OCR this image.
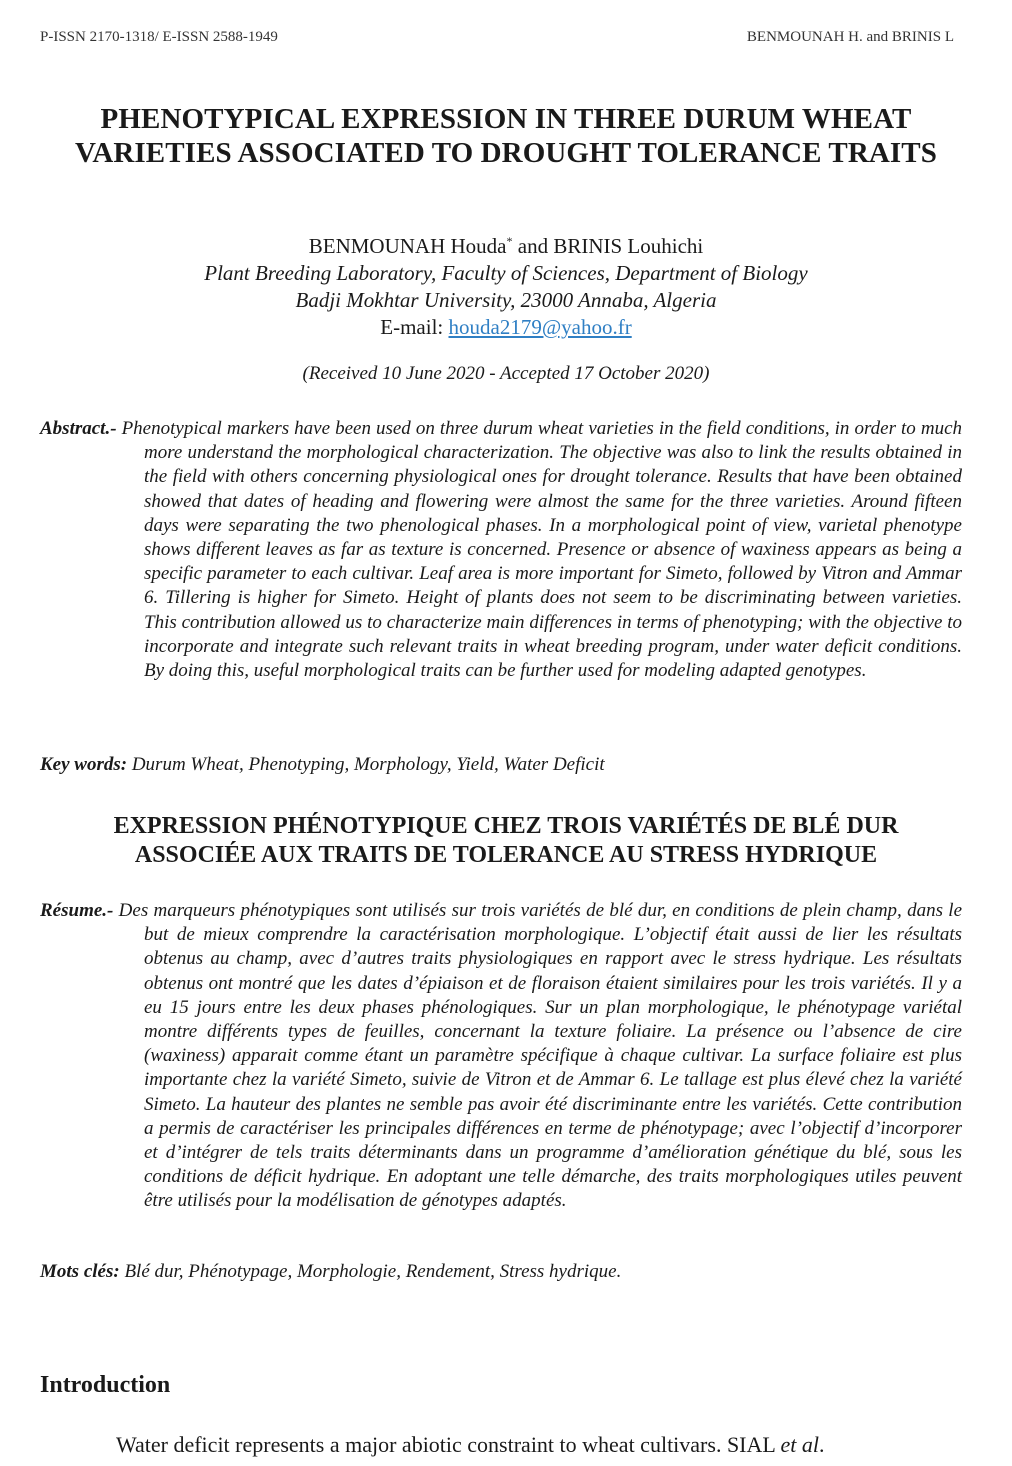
P-ISSN 2170-1318/ E-ISSN 2588-1949	BENMOUNAH H. and BRINIS L
PHENOTYPICAL EXPRESSION IN THREE DURUM WHEAT
VARIETIES ASSOCIATED TO DROUGHT TOLERANCE TRAITS
BENMOUNAH Houda* and BRINIS Louhichi
Plant Breeding Laboratory, Faculty of Sciences, Department of Biology
Badji Mokhtar University, 23000 Annaba, Algeria
E-mail: houda2179@yahoo.fr
(Received 10 June 2020 - Accepted 17 October 2020)
Abstract.- Phenotypical markers have been used on three durum wheat varieties in the field conditions, in order to much more understand the morphological characterization. The objective was also to link the results obtained in the field with others concerning physiological ones for drought tolerance. Results that have been obtained showed that dates of heading and flowering were almost the same for the three varieties. Around fifteen days were separating the two phenological phases. In a morphological point of view, varietal phenotype shows different leaves as far as texture is concerned. Presence or absence of waxiness appears as being a specific parameter to each cultivar. Leaf area is more important for Simeto, followed by Vitron and Ammar 6. Tillering is higher for Simeto. Height of plants does not seem to be discriminating between varieties. This contribution allowed us to characterize main differences in terms of phenotyping; with the objective to incorporate and integrate such relevant traits in wheat breeding program, under water deficit conditions. By doing this, useful morphological traits can be further used for modeling adapted genotypes.
Key words: Durum Wheat, Phenotyping, Morphology, Yield, Water Deficit
EXPRESSION PHÉNOTYPIQUE CHEZ TROIS VARIÉTÉS DE BLÉ DUR
ASSOCIÉE AUX TRAITS DE TOLERANCE AU STRESS HYDRIQUE
Résume.- Des marqueurs phénotypiques sont utilisés sur trois variétés de blé dur, en conditions de plein champ, dans le but de mieux comprendre la caractérisation morphologique. L’objectif était aussi de lier les résultats obtenus au champ, avec d’autres traits physiologiques en rapport avec le stress hydrique. Les résultats obtenus ont montré que les dates d’épiaison et de floraison étaient similaires pour les trois variétés. Il y a eu 15 jours entre les deux phases phénologiques. Sur un plan morphologique, le phénotypage variétal montre différents types de feuilles, concernant la texture foliaire. La présence ou l’absence de cire (waxiness) apparait comme étant un paramètre spécifique à chaque cultivar. La surface foliaire est plus importante chez la variété Simeto, suivie de Vitron et de Ammar 6. Le tallage est plus élevé chez la variété Simeto. La hauteur des plantes ne semble pas avoir été discriminante entre les variétés. Cette contribution a permis de caractériser les principales différences en terme de phénotypage; avec l’objectif d’incorporer et d’intégrer de tels traits déterminants dans un programme d’amélioration génétique du blé, sous les conditions de déficit hydrique. En adoptant une telle démarche, des traits morphologiques utiles peuvent être utilisés pour la modélisation de génotypes adaptés.
Mots clés: Blé dur, Phénotypage, Morphologie, Rendement, Stress hydrique.
Introduction
Water deficit represents a major abiotic constraint to wheat cultivars. SIAL et al.
